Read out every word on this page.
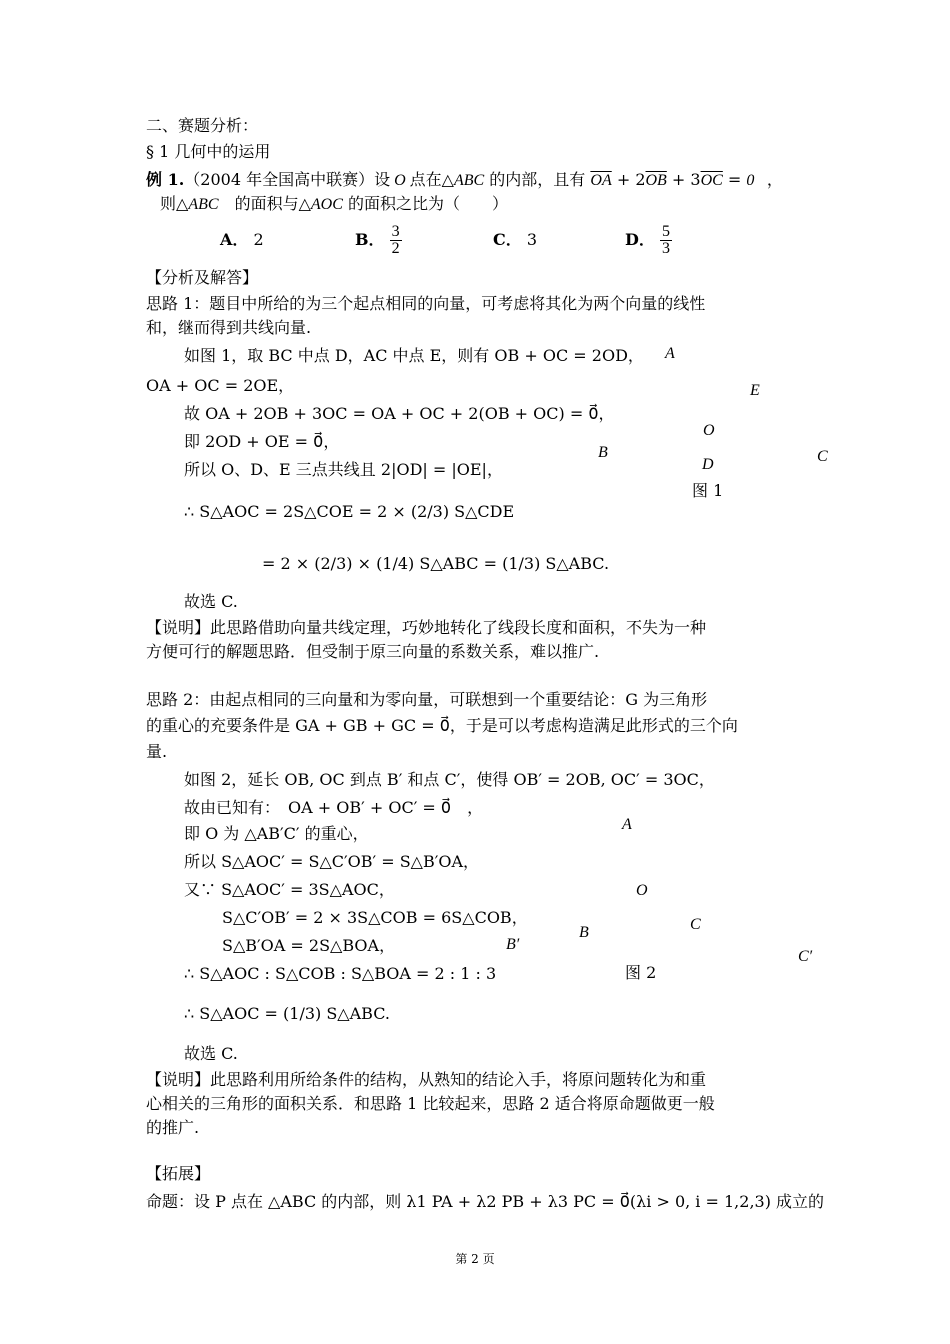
二、赛题分析：
§ 1 几何中的运用
例 1.（2004 年全国高中联赛）设 O 点在△ABC 的内部，且有 $\overline{OA} + 2\overline{OB} + 3\overline{OC}$ = 0⃗，
则△ABC　 的面积与△AOC 的面积之比为（　　）
A． 2	B． $\frac{3}{2}$	C． 3	D． $\frac{5}{3}$
【分析及解答】
思路 1：题目中所给的为三个起点相同的向量，可考虑将其化为两个向量的线性
和，继而得到共线向量.
如图 1，取 BC 中点 D，AC 中点 E，则有 OB + OC = 2OD，
OA + OC = 2OE，
故 OA + 2OB + 3OC = OA + OC + 2(OB + OC) = 0⃗，
即 2OD + OE = 0⃗，
所以 O、D、E 三点共线且 2|OD| = |OE|，
∴ S△AOC = 2S△COE = 2 × (2/3) S△CDE
= 2 × (2/3) × (1/4) S△ABC = (1/3) S△ABC.
故选 C.
A
E
O
B
D	C
图 1
【说明】此思路借助向量共线定理，巧妙地转化了线段长度和面积，不失为一种
方便可行的解题思路．但受制于原三向量的系数关系，难以推广.
思路 2：由起点相同的三向量和为零向量，可联想到一个重要结论：G 为三角形
的重心的充要条件是 GA + GB + GC = 0⃗，于是可以考虑构造满足此形式的三个向
量.
如图 2，延长 OB, OC 到点 B′ 和点 C′，使得 OB′ = 2OB, OC′ = 3OC，
故由已知有：　OA + OB′ + OC′ = 0⃗　，
即 O 为 △AB′C′ 的重心，
所以 S△AOC′ = S△C′OB′ = S△B′OA，
又∵ S△AOC′ = 3S△AOC，
S△C′OB′ = 2 × 3S△COB = 6S△COB，
S△B′OA = 2S△BOA，
∴ S△AOC : S△COB : S△BOA = 2 : 1 : 3
∴ S△AOC = (1/3) S△ABC.
故选 C.
A
O
C
B′
B
C′
图 2
【说明】此思路利用所给条件的结构，从熟知的结论入手，将原问题转化为和重
心相关的三角形的面积关系．和思路 1 比较起来，思路 2 适合将原命题做更一般
的推广.
【拓展】
命题：设 P 点在 △ABC 的内部，则 λ1 PA + λ2 PB + λ3 PC = 0⃗(λi > 0, i = 1,2,3) 成立的
第 2 页
